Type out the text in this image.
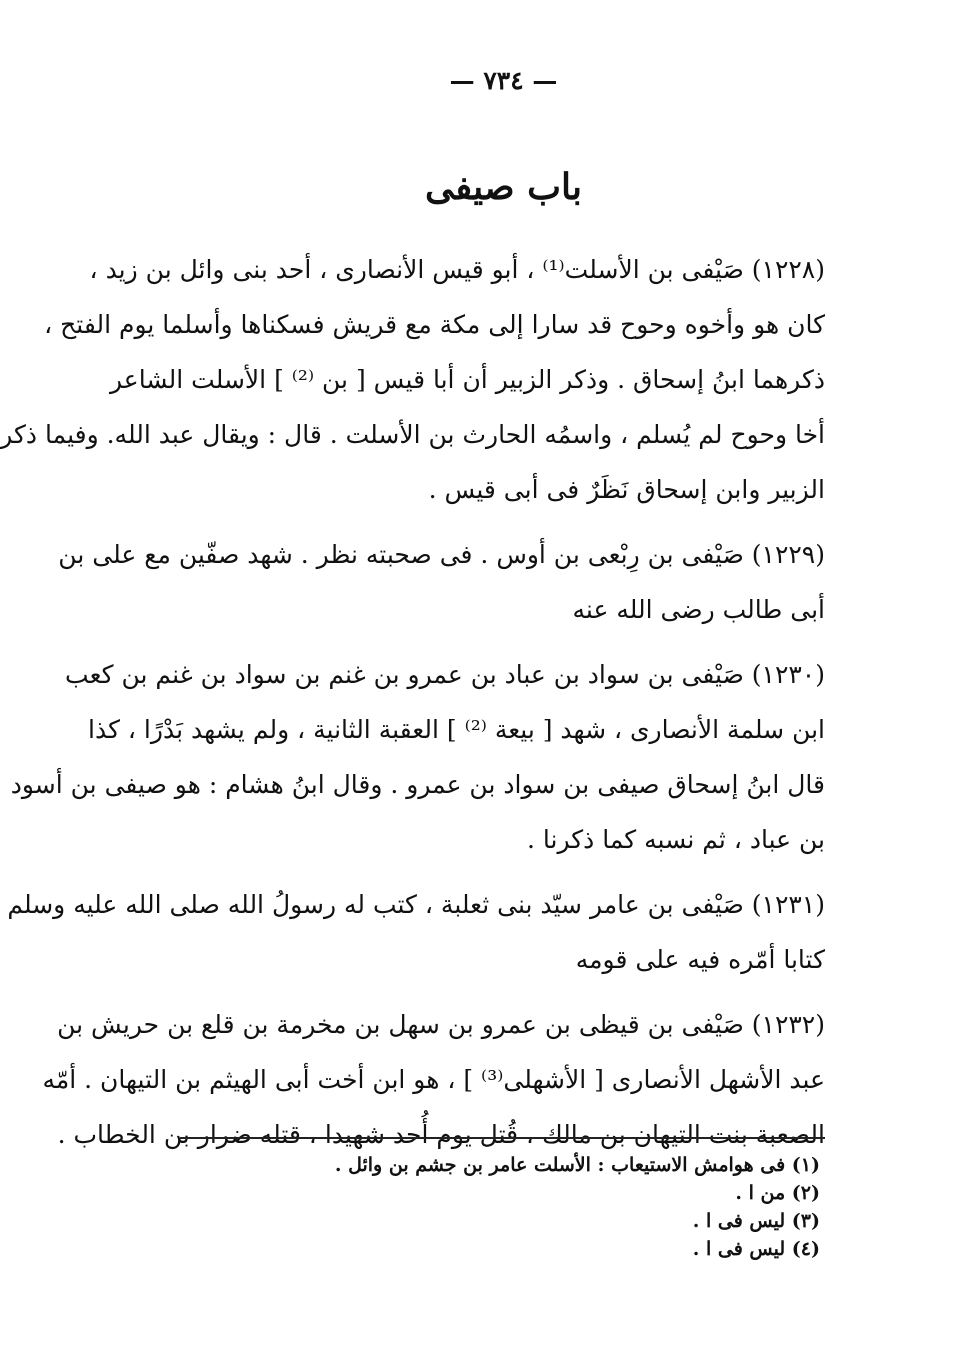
— ٧٣٤ —
باب صيفى
(١٢٢٨) صَيْفى بن الأسلت⁽¹⁾ ، أبو قيس الأنصارى ، أحد بنى وائل بن زيد ،
كان هو وأخوه وحوح قد سارا إلى مكة مع قريش فسكناها وأسلما يوم الفتح ،
ذكرهما ابنُ إسحاق . وذكر الزبير أن أبا قيس [ بن ⁽²⁾ ] الأسلت الشاعر
أخا وحوح لم يُسلم ، واسمُه الحارث بن الأسلت . قال : ويقال عبد الله. وفيما ذكر
الزبير وابن إسحاق نَظَرٌ فى أبى قيس .
(١٢٢٩) صَيْفى بن رِبْعى بن أوس . فى صحبته نظر . شهد صفّين مع على بن
أبى طالب رضى الله عنه
(١٢٣٠) صَيْفى بن سواد بن عباد بن عمرو بن غنم بن سواد بن غنم بن كعب
ابن سلمة الأنصارى ، شهد [ بيعة ⁽²⁾ ] العقبة الثانية ، ولم يشهد بَدْرًا ، كذا
قال ابنُ إسحاق صيفى بن سواد بن عمرو . وقال ابنُ هشام : هو صيفى بن أسود
بن عباد ، ثم نسبه كما ذكرنا .
(١٢٣١) صَيْفى بن عامر سيّد بنى ثعلبة ، كتب له رسولُ الله صلى الله عليه وسلم
كتابا أمّره فيه على قومه
(١٢٣٢) صَيْفى بن قيظى بن عمرو بن سهل بن مخرمة بن قلع بن حريش بن
عبد الأشهل الأنصارى [ الأشهلى⁽³⁾ ] ، هو ابن أخت أبى الهيثم بن التيهان . أمّه
الصعبة بنت التيهان بن مالك ، قُتل يوم أُحد شهيدا ، قتله ضرار بن الخطاب .
(١) فى هوامش الاستيعاب : الأسلت عامر بن جشم بن وائل .
(٢) من ا .
(٣) ليس فى ا .
(٤) ليس فى ا .
